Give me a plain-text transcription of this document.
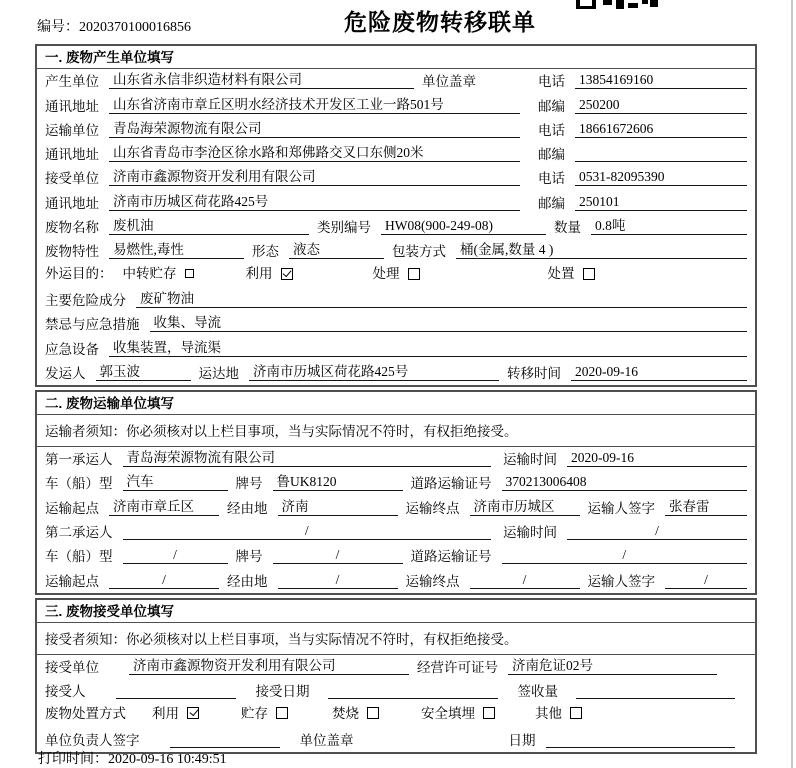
编号：2020370100016856	危险废物转移联单
一. 废物产生单位填写
产生单位 山东省永信非织造材料有限公司	单位盖章	电话 13854169160
通讯地址 山东省济南市章丘区明水经济技术开发区工业一路501号	邮编 250200
运输单位 青岛海荣源物流有限公司	电话 18661672606
通讯地址 山东省青岛市李沧区徐水路和郑佛路交叉口东侧20米	邮编
接受单位 济南市鑫源物资开发利用有限公司	电话 0531-82095390
通讯地址 济南市历城区荷花路425号	邮编 250101
废物名称 废机油	类别编号 HW08(900-249-08)	数量 0.8吨
废物特性 易燃性,毒性	形态 液态	包装方式 桶(金属,数量 4 )
外运目的： 中转贮存	利用	处理	处置
主要危险成分 废矿物油
禁忌与应急措施 收集、导流
应急设备 收集装置，导流渠
发运人 郭玉波	运达地 济南市历城区荷花路425号	转移时间 2020-09-16
二. 废物运输单位填写
运输者须知：你必须核对以上栏目事项，当与实际情况不符时，有权拒绝接受。
第一承运人 青岛海荣源物流有限公司	运输时间 2020-09-16
车（船）型 汽车	牌号 鲁UK8120	道路运输证号 370213006408
运输起点 济南市章丘区	经由地 济南	运输终点 济南市历城区	运输人签字 张春雷
第二承运人	/	运输时间	/
车（船）型	/	牌号	/	道路运输证号	/
运输起点	/	经由地	/	运输终点	/	运输人签字	/
三. 废物接受单位填写
接受者须知：你必须核对以上栏目事项，当与实际情况不符时，有权拒绝接受。
接受单位	济南市鑫源物资开发利用有限公司	经营许可证号 济南危证02号
接受人	接受日期	签收量
废物处置方式 利用	贮存	焚烧	安全填埋	其他
单位负责人签字	单位盖章	日期
打印时间：2020-09-16 10:49:51
